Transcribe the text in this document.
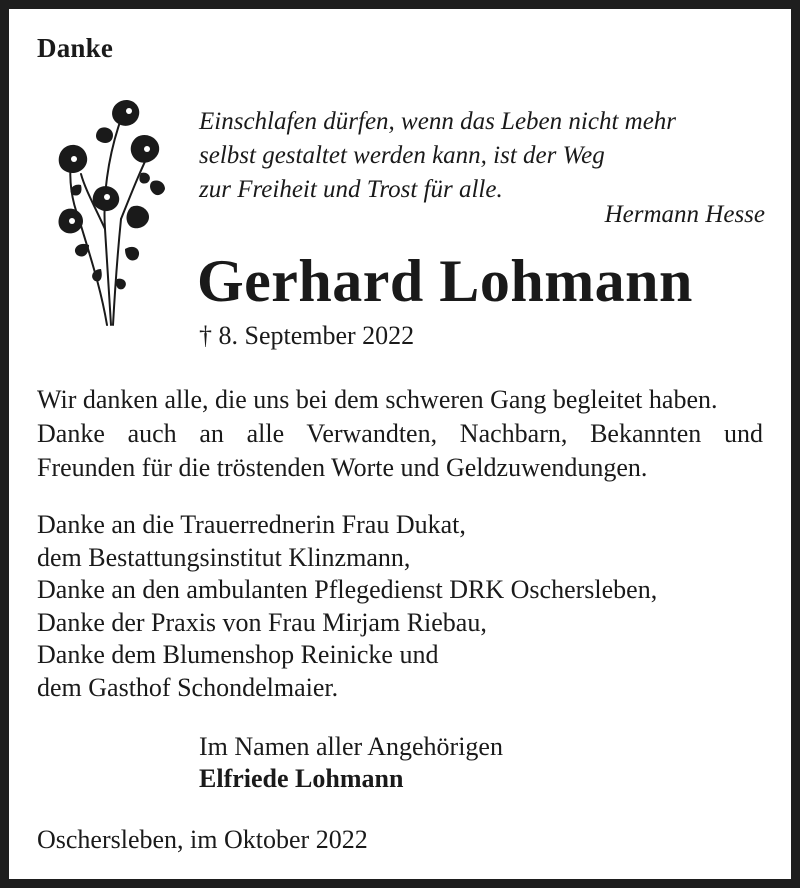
Danke

Einschlafen dürfen, wenn das Leben nicht mehr
selbst gestaltet werden kann, ist der Weg
zur Freiheit und Trost für alle.

Hermann Hesse

Gerhard Lohmann

† 8. September 2022

Wir danken alle, die uns bei dem schweren Gang begleitet haben.
Danke auch an alle Verwandten, Nachbarn, Bekannten und
Freunden für die tröstenden Worte und Geldzuwendungen.

Danke an die Trauerrednerin Frau Dukat,
dem Bestattungsinstitut Klinzmann,
Danke an den ambulanten Pflegedienst DRK Oschersleben,
Danke der Praxis von Frau Mirjam Riebau,
Danke dem Blumenshop Reinicke und
dem Gasthof Schondelmaier.

Im Namen aller Angehörigen
Elfriede Lohmann

Oschersleben, im Oktober 2022
